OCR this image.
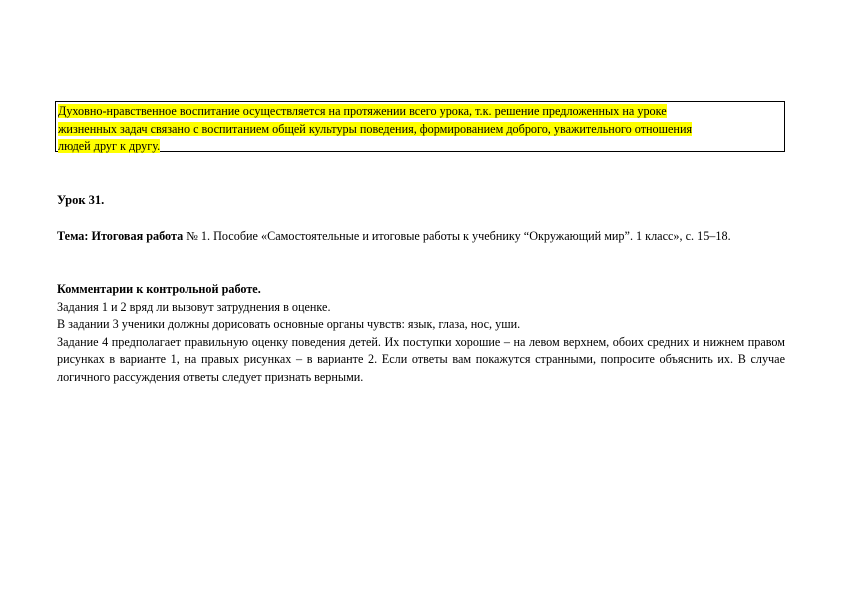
Духовно-нравственное воспитание осуществляется на протяжении всего урока, т.к. решение предложенных на уроке
жизненных задач связано с воспитанием общей культуры поведения, формированием доброго, уважительного отношения
людей друг к другу.

Урок 31.

Тема: Итоговая работа № 1. Пособие «Самостоятельные и итоговые работы к учебнику “Окружающий мир”. 1 класс», с. 15–18.

Комментарии к контрольной работе.

Задания 1 и 2 вряд ли вызовут затруднения в оценке.

В задании 3 ученики должны дорисовать основные органы чувств: язык, глаза, нос, уши.

Задание 4 предполагает правильную оценку поведения детей. Их поступки хорошие – на левом верхнем, обоих средних и нижнем правом рисунках в варианте 1, на правых рисунках – в варианте 2. Если ответы вам покажутся странными, попросите объяснить их. В случае логичного рассуждения ответы следует признать верными.
